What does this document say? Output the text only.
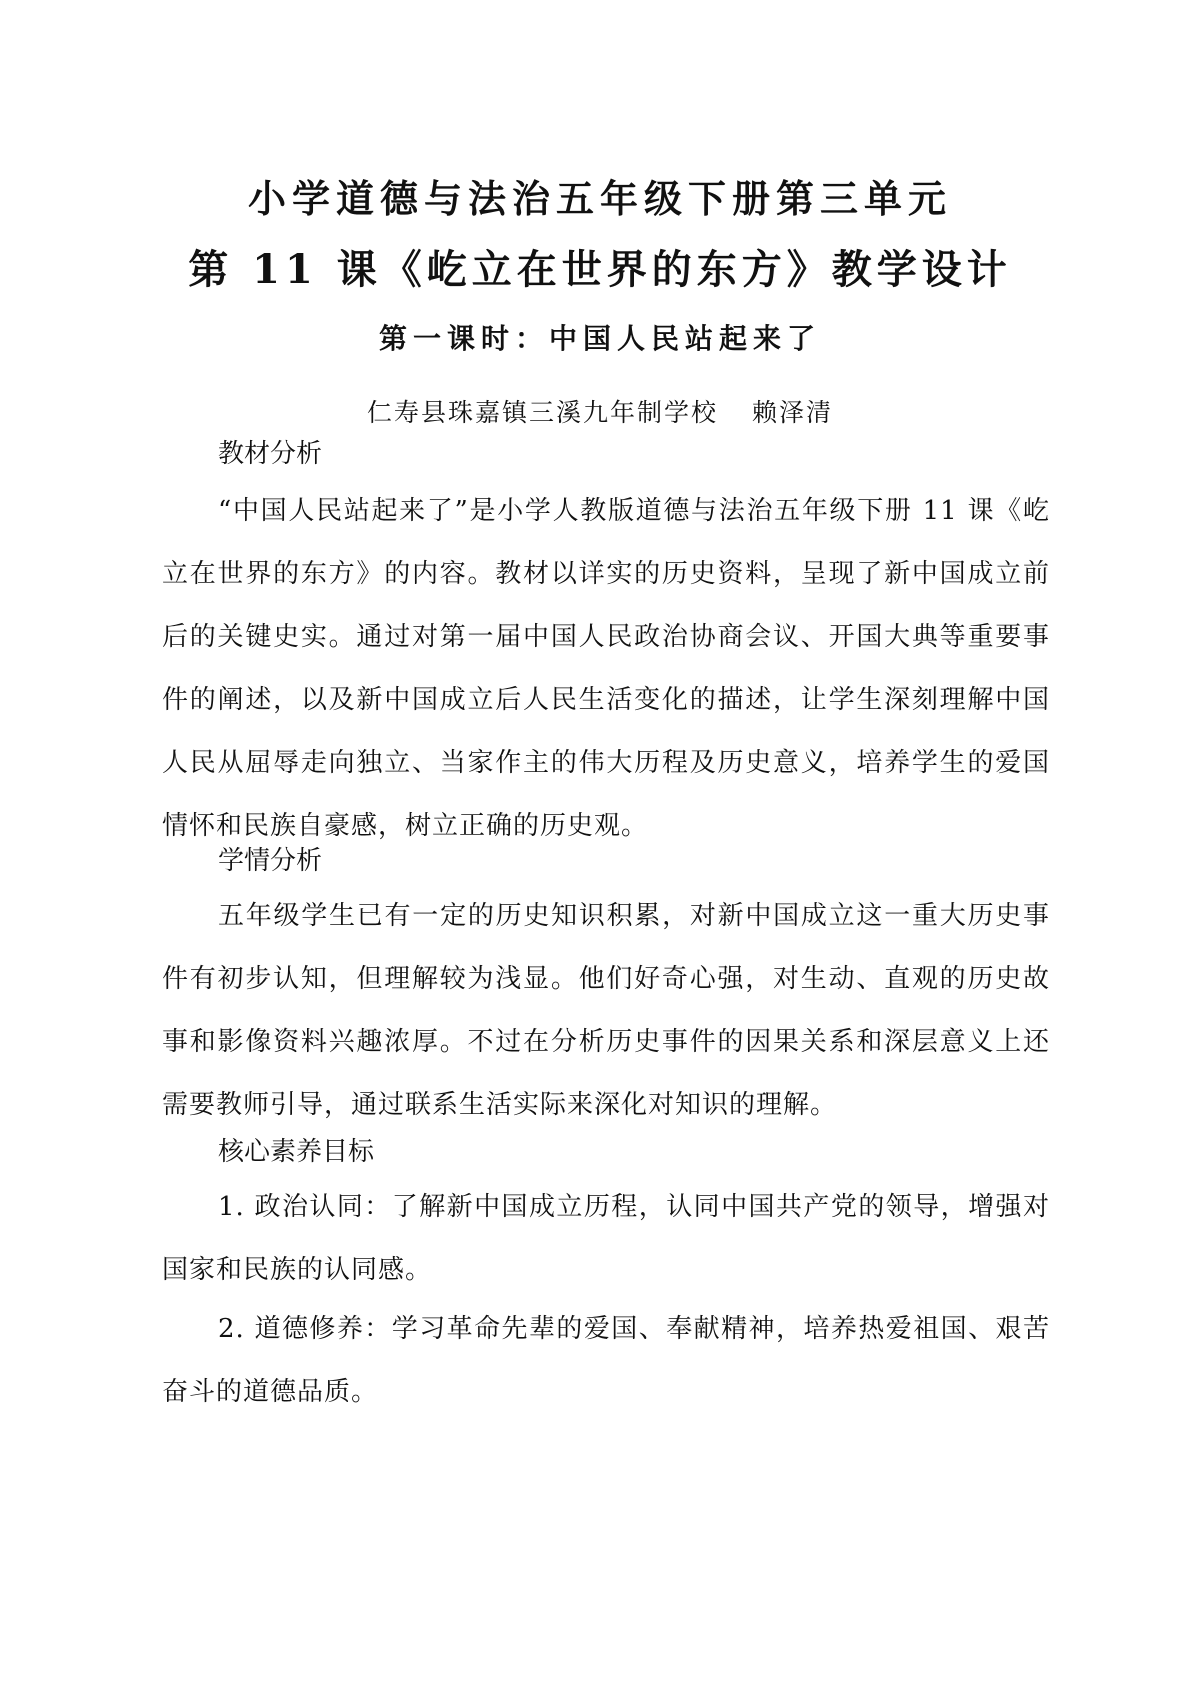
小学道德与法治五年级下册第三单元
第 11 课《屹立在世界的东方》教学设计
第一课时：中国人民站起来了
仁寿县珠嘉镇三溪九年制学校 赖泽清
教材分析
“中国人民站起来了”是小学人教版道德与法治五年级下册 11 课《屹立在世界的东方》的内容。教材以详实的历史资料，呈现了新中国成立前后的关键史实。通过对第一届中国人民政治协商会议、开国大典等重要事件的阐述，以及新中国成立后人民生活变化的描述，让学生深刻理解中国人民从屈辱走向独立、当家作主的伟大历程及历史意义，培养学生的爱国情怀和民族自豪感，树立正确的历史观。
学情分析
五年级学生已有一定的历史知识积累，对新中国成立这一重大历史事件有初步认知，但理解较为浅显。他们好奇心强，对生动、直观的历史故事和影像资料兴趣浓厚。不过在分析历史事件的因果关系和深层意义上还需要教师引导，通过联系生活实际来深化对知识的理解。
核心素养目标
1. 政治认同：了解新中国成立历程，认同中国共产党的领导，增强对国家和民族的认同感。
2. 道德修养：学习革命先辈的爱国、奉献精神，培养热爱祖国、艰苦奋斗的道德品质。
